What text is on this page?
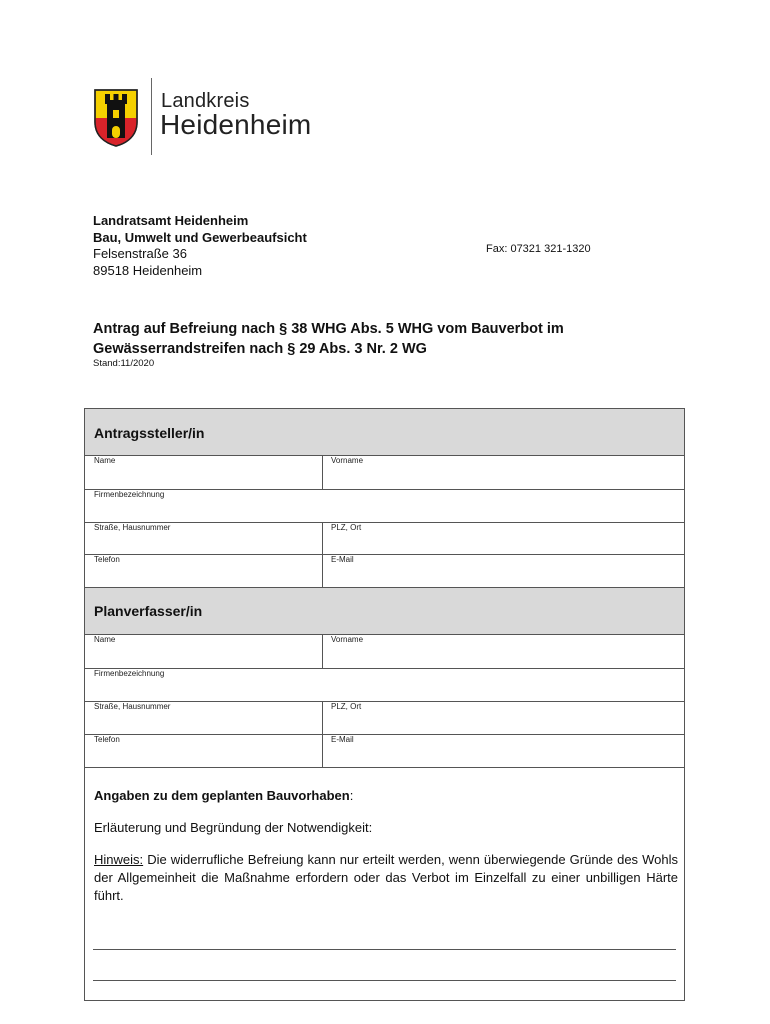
Landkreis
Heidenheim
Landratsamt Heidenheim
Bau, Umwelt und Gewerbeaufsicht
Felsenstraße 36
89518 Heidenheim
Fax: 07321 321-1320
Antrag auf Befreiung nach § 38 WHG Abs. 5 WHG vom Bauverbot im
Gewässerrandstreifen nach § 29 Abs. 3 Nr. 2 WG
Stand:11/2020
Antragssteller/in
Name	Vorname
Firmenbezeichnung
Straße, Hausnummer	PLZ, Ort
Telefon	E-Mail
Planverfasser/in
Name	Vorname
Firmenbezeichnung
Straße, Hausnummer	PLZ, Ort
Telefon	E-Mail
Angaben zu dem geplanten Bauvorhaben:
Erläuterung und Begründung der Notwendigkeit:
Hinweis: Die widerrufliche Befreiung kann nur erteilt werden, wenn überwiegende Gründe des Wohls der Allgemeinheit die Maßnahme erfordern oder das Verbot im Einzelfall zu einer unbilligen Härte führt.
